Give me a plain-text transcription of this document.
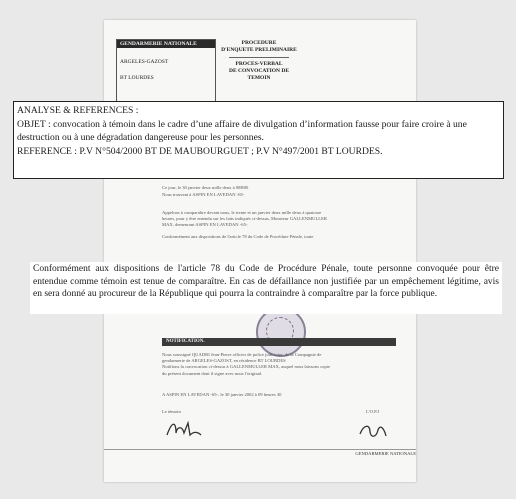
GENDARMERIE NATIONALE
ARGELES-GAZOST
BT LOURDES
PROCEDURE
D'ENQUETE PRELIMINAIRE
PROCES-VERBAL
DE CONVOCATION DE
TEMOIN
Ce jour, le 30 janvier deux mille deux à 08H00
Nous trouvant à ASPIN EN LAVEDAN -65-
Appelons à comparaître devant nous, le trente et un janvier deux mille deux à quatorze
heures, pour y être entendu sur les faits indiqués ci-dessus, Monsieur GALLENMULLER
MAX, demeurant ASPIN EN LAVEDAN -65-.
Conformément aux dispositions de l'article 78 du Code de Procédure Pénale, toute
NOTIFICATION.
Nous soussigné QUADRI Jean-Pierre officier de police judiciaire, de la Compagnie de
gendarmerie de ARGELES-GAZOST, en résidence BT LOURDES
Notifions la convocation ci-dessus à GALLENMULLER MAX, auquel nous laissons copie
du présent document dont il signe avec nous l'original.
A ASPIN EN LAVEDAN -65-, le 30 janvier 2002 à 09 heures 30
Le témoin	L'O.P.J
GENDARMERIE NATIONALE

ANALYSE & REFERENCES :

OBJET : convocation à témoin dans le cadre d’une affaire de divulgation d’information fausse pour faire croire à une destruction ou à une dégradation dangereuse pour les personnes.

REFERENCE : P.V N°504/2000 BT DE MAUBOURGUET ; P.V N°497/2001 BT LOURDES.

Conformément aux dispositions de l'article 78 du Code de Procédure Pénale, toute personne convoquée pour être entendue comme témoin est tenue de comparaître. En cas de défaillance non justifiée par un empêchement légitime, avis en sera donné au procureur de la République qui pourra la contraindre à comparaître par la force publique.
